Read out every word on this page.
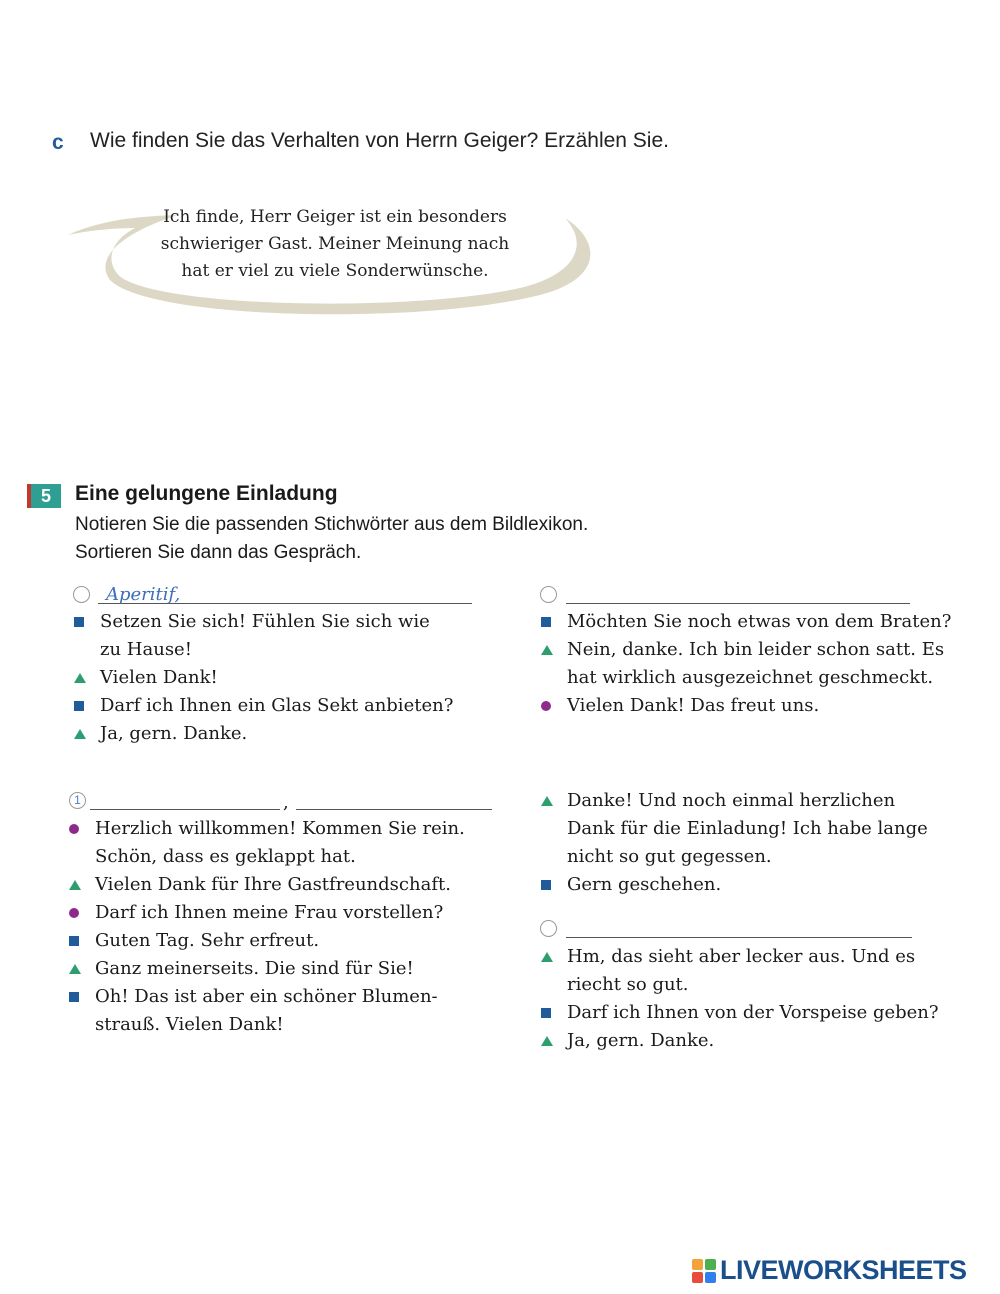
c Wie finden Sie das Verhalten von Herrn Geiger? Erzählen Sie.
Ich finde, Herr Geiger ist ein besonders
schwieriger Gast. Meiner Meinung nach
hat er viel zu viele Sonderwünsche.
5	Eine gelungene Einladung
Notieren Sie die passenden Stichwörter aus dem Bildlexikon.
Sortieren Sie dann das Gespräch.
Aperitif,
Setzen Sie sich! Fühlen Sie sich wie
zu Hause!
Vielen Dank!
Darf ich Ihnen ein Glas Sekt anbieten?
Ja, gern. Danke.
Möchten Sie noch etwas von dem Braten?
Nein, danke. Ich bin leider schon satt. Es
hat wirklich ausgezeichnet geschmeckt.
Vielen Dank! Das freut uns.
1	,
Herzlich willkommen! Kommen Sie rein.
Schön, dass es geklappt hat.
Vielen Dank für Ihre Gastfreundschaft.
Darf ich Ihnen meine Frau vorstellen?
Guten Tag. Sehr erfreut.
Ganz meinerseits. Die sind für Sie!
Oh! Das ist aber ein schöner Blumen-
strauß. Vielen Dank!
Danke! Und noch einmal herzlichen
Dank für die Einladung! Ich habe lange
nicht so gut gegessen.
Gern geschehen.
Hm, das sieht aber lecker aus. Und es
riecht so gut.
Darf ich Ihnen von der Vorspeise geben?
Ja, gern. Danke.
LIVEWORKSHEETS
